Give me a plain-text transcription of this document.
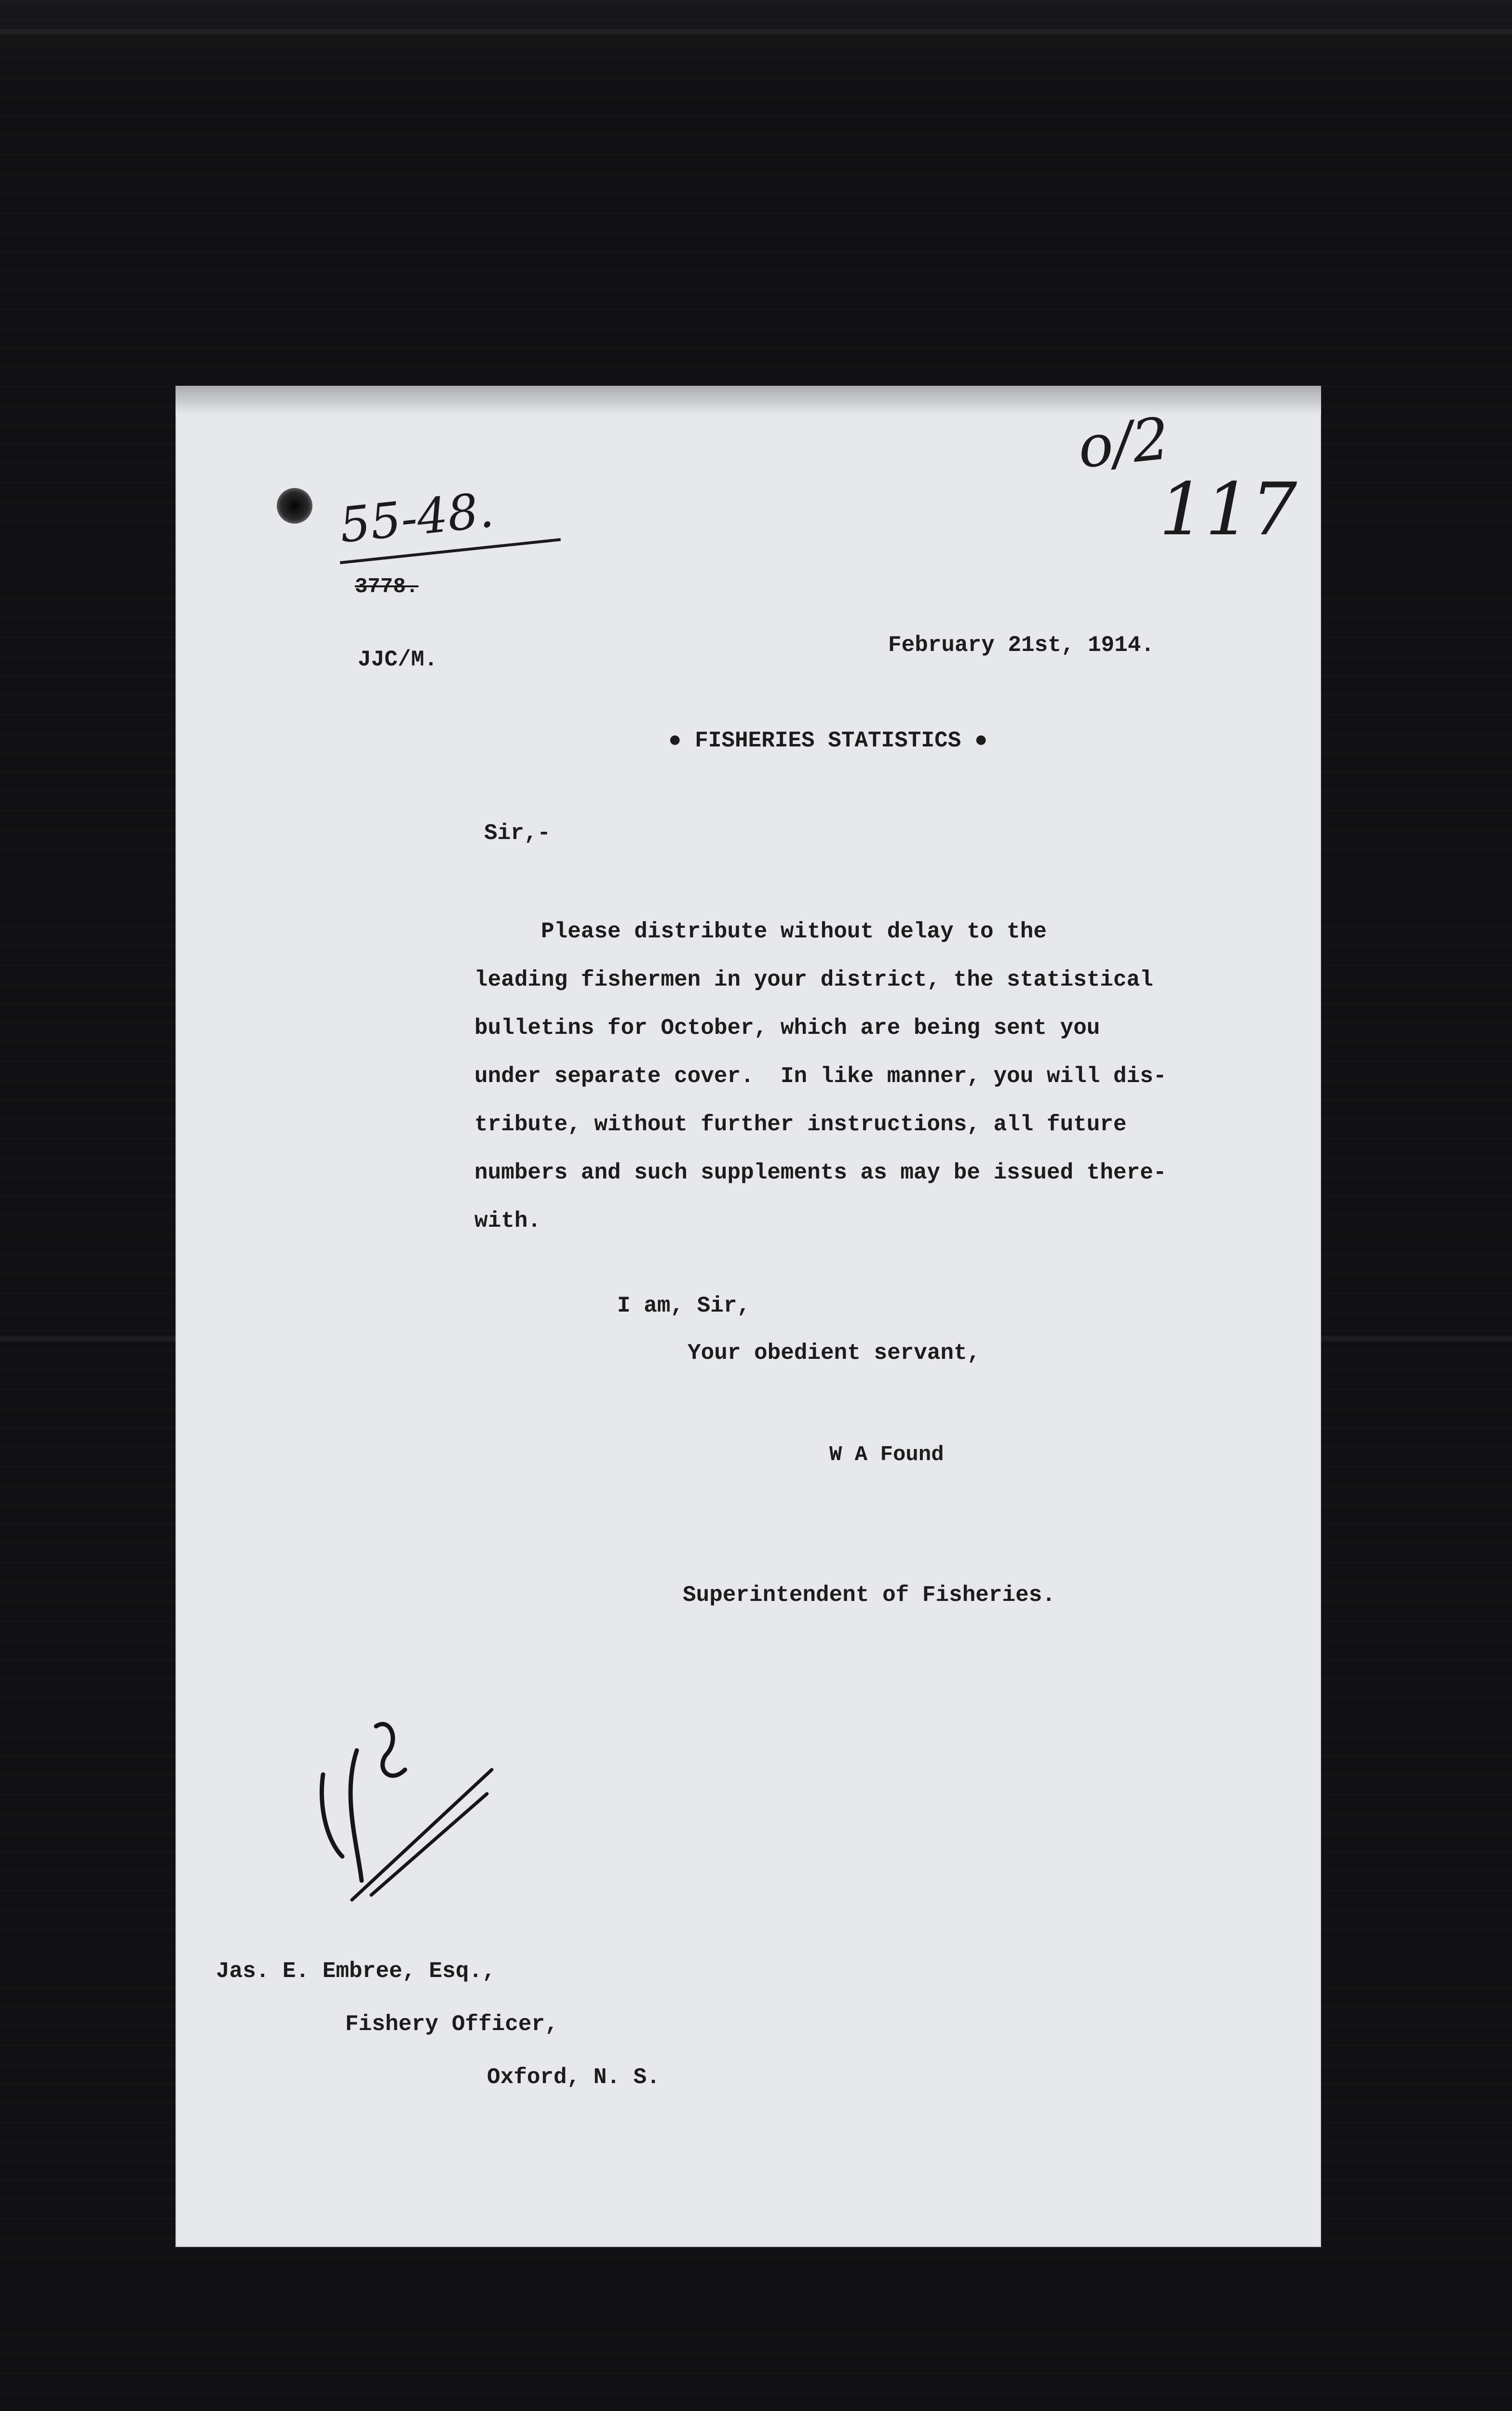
o/2
117
55-48.
3778.
JJC/M.
February 21st, 1914.
● FISHERIES STATISTICS ●
Sir,-
Please distribute without delay to the
leading fishermen in your district, the statistical
bulletins for October, which are being sent you
under separate cover.  In like manner, you will dis-
tribute, without further instructions, all future
numbers and such supplements as may be issued there-
with.
I am, Sir,
Your obedient servant,
W A Found
Superintendent of Fisheries.
Jas. E. Embree, Esq.,
Fishery Officer,
Oxford, N. S.
